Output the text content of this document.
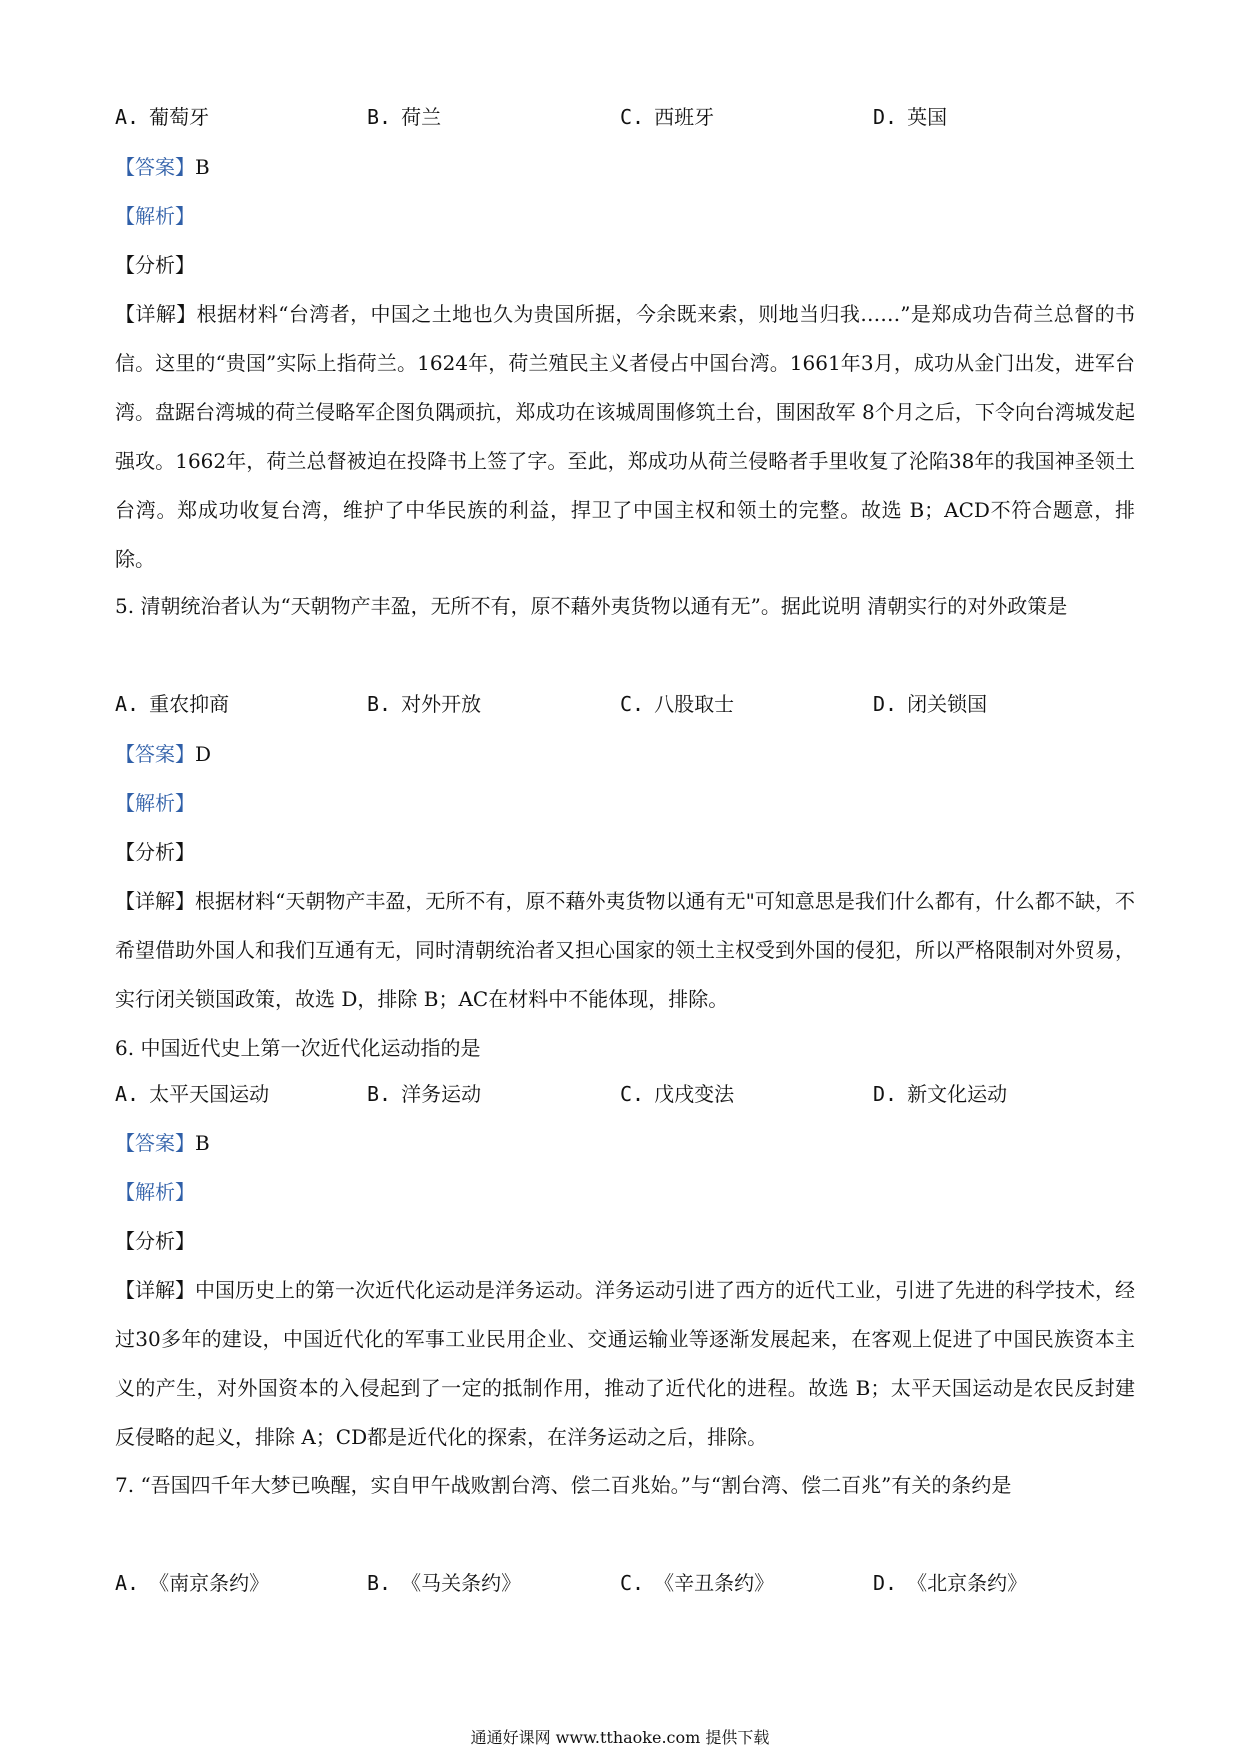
A. 葡萄牙	B. 荷兰	C. 西班牙	D. 英国
【答案】B
【解析】
【分析】
【详解】根据材料“台湾者，中国之土地也久为贵国所据，今余既来索，则地当归我……”是郑成功告荷兰总督的书信。这里的“贵国”实际上指荷兰。1624年，荷兰殖民主义者侵占中国台湾。1661年3月，成功从金门出发，进军台湾。盘踞台湾城的荷兰侵略军企图负隅顽抗，郑成功在该城周围修筑土台，围困敌军 8个月之后，下令向台湾城发起强攻。1662年，荷兰总督被迫在投降书上签了字。至此，郑成功从荷兰侵略者手里收复了沦陷38年的我国神圣领土台湾。郑成功收复台湾，维护了中华民族的利益，捍卫了中国主权和领土的完整。故选 B；ACD不符合题意，排除。
5. 清朝统治者认为“天朝物产丰盈，无所不有，原不藉外夷货物以通有无”。据此说明 清朝实行的对外政策是
A. 重农抑商	B. 对外开放	C. 八股取士	D. 闭关锁国
【答案】D
【解析】
【分析】
【详解】根据材料“天朝物产丰盈，无所不有，原不藉外夷货物以通有无"可知意思是我们什么都有，什么都不缺，不希望借助外国人和我们互通有无，同时清朝统治者又担心国家的领土主权受到外国的侵犯，所以严格限制对外贸易，实行闭关锁国政策，故选 D，排除 B；AC在材料中不能体现，排除。
6. 中国近代史上第一次近代化运动指的是
A. 太平天国运动	B. 洋务运动	C. 戊戌变法	D. 新文化运动
【答案】B
【解析】
【分析】
【详解】中国历史上的第一次近代化运动是洋务运动。洋务运动引进了西方的近代工业，引进了先进的科学技术，经过30多年的建设，中国近代化的军事工业民用企业、交通运输业等逐渐发展起来，在客观上促进了中国民族资本主义的产生，对外国资本的入侵起到了一定的抵制作用，推动了近代化的进程。故选 B；太平天国运动是农民反封建反侵略的起义，排除 A；CD都是近代化的探索，在洋务运动之后，排除。
7. “吾国四千年大梦已唤醒，实自甲午战败割台湾、偿二百兆始。”与“割台湾、偿二百兆”有关的条约是
A. 《南京条约》	B. 《马关条约》	C. 《辛丑条约》	D. 《北京条约》
通通好课网 www.tthaoke.com 提供下载
